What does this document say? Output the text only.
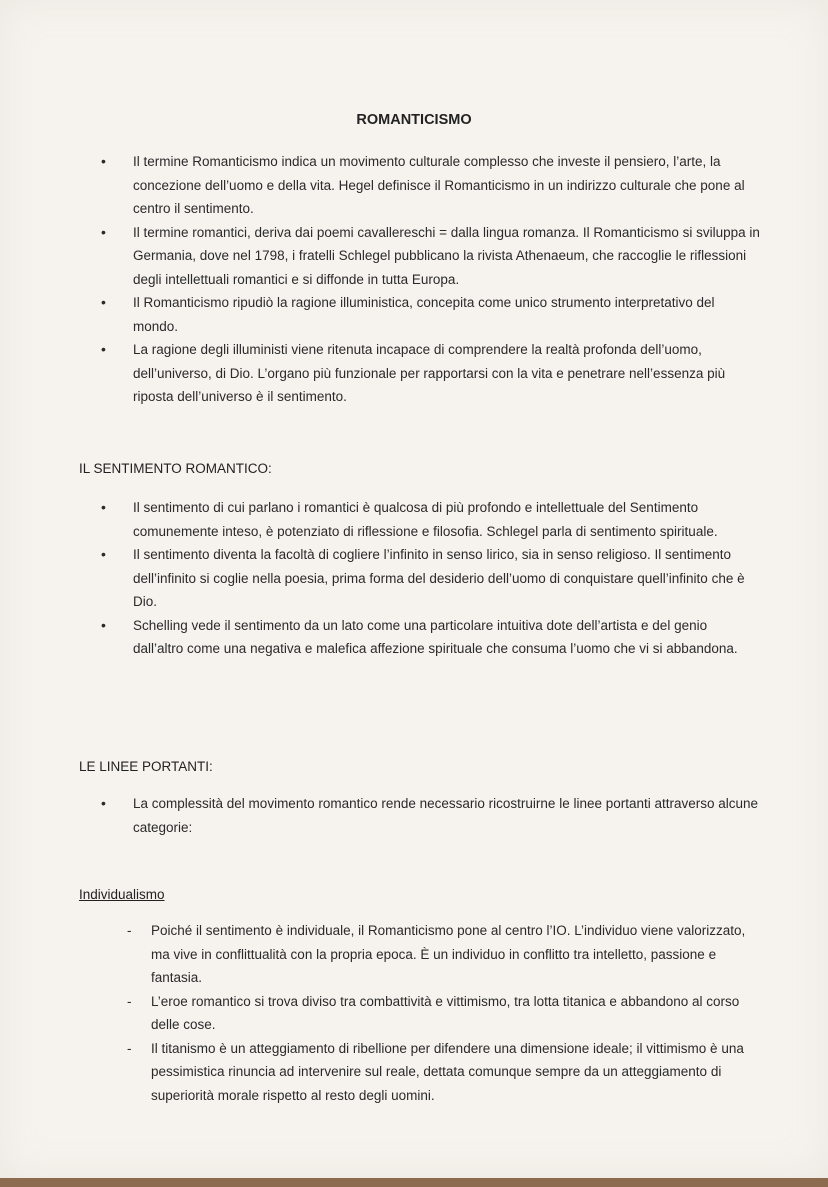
ROMANTICISMO
• Il termine Romanticismo indica un movimento culturale complesso che investe il pensiero, l’arte, la concezione dell’uomo e della vita. Hegel definisce il Romanticismo in un indirizzo culturale che pone al centro il sentimento.
• Il termine romantici, deriva dai poemi cavallereschi = dalla lingua romanza. Il Romanticismo si sviluppa in Germania, dove nel 1798, i fratelli Schlegel pubblicano la rivista Athenaeum, che raccoglie le riflessioni degli intellettuali romantici e si diffonde in tutta Europa.
• Il Romanticismo ripudiò la ragione illuministica, concepita come unico strumento interpretativo del mondo.
• La ragione degli illuministi viene ritenuta incapace di comprendere la realtà profonda dell’uomo, dell’universo, di Dio. L’organo più funzionale per rapportarsi con la vita e penetrare nell’essenza più riposta dell’universo è il sentimento.
IL SENTIMENTO ROMANTICO:
• Il sentimento di cui parlano i romantici è qualcosa di più profondo e intellettuale del Sentimento comunemente inteso, è potenziato di riflessione e filosofia. Schlegel parla di sentimento spirituale.
• Il sentimento diventa la facoltà di cogliere l’infinito in senso lirico, sia in senso religioso. Il sentimento dell’infinito si coglie nella poesia, prima forma del desiderio dell’uomo di conquistare quell’infinito che è Dio.
• Schelling vede il sentimento da un lato come una particolare intuitiva dote dell’artista e del genio dall’altro come una negativa e malefica affezione spirituale che consuma l’uomo che vi si abbandona.
LE LINEE PORTANTI:
• La complessità del movimento romantico rende necessario ricostruirne le linee portanti attraverso alcune categorie:
Individualismo
- Poiché il sentimento è individuale, il Romanticismo pone al centro l’IO. L’individuo viene valorizzato, ma vive in conflittualità con la propria epoca. È un individuo in conflitto tra intelletto, passione e fantasia.
- L’eroe romantico si trova diviso tra combattività e vittimismo, tra lotta titanica e abbandono al corso delle cose.
- Il titanismo è un atteggiamento di ribellione per difendere una dimensione ideale; il vittimismo è una pessimistica rinuncia ad intervenire sul reale, dettata comunque sempre da un atteggiamento di superiorità morale rispetto al resto degli uomini.
